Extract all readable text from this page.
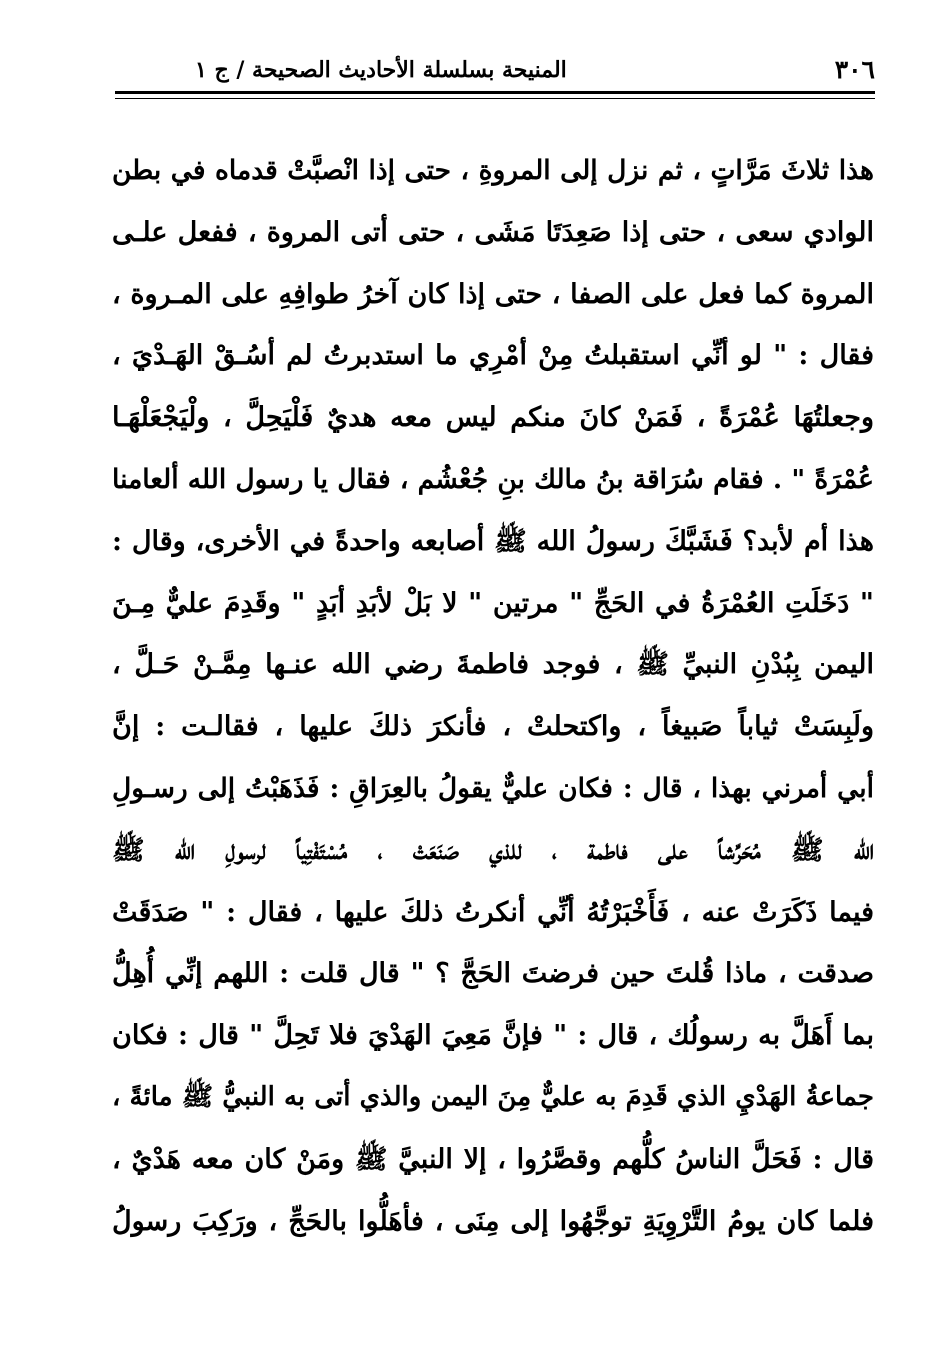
٣٠٦
المنيحة بسلسلة الأحاديث الصحيحة / ج ١
هذا ثلاثَ مَرَّاتٍ ، ثم نزل إلى المروةِ ، حتى إذا انْصبَّتْ قدماه في بطن
الوادي سعى ، حتى إذا صَعِدَتَا مَشَى ، حتى أتى المروة ، ففعل علـى
المروة كما فعل على الصفا ، حتى إذا كان آخرُ طوافِهِ على المـروة ،
فقال : " لو أنِّي استقبلتُ مِنْ أمْرِي ما استدبرتُ لم أسُـقْ الهَـدْيَ ،
وجعلتُهَا عُمْرَةً ، فَمَنْ كانَ منكم ليس معه هديٌ فَلْيَحِلَّ ، ولْيَجْعَلْهَـا
عُمْرَةً " . فقام سُرَاقة بنُ مالك بنِ جُعْشُم ، فقال يا رسول الله ألعامنا
هذا أم لأبد؟ فَشَبَّكَ رسولُ الله ﷺ أصابعه واحدةً في الأخرى، وقال :
" دَخَلَتِ العُمْرَةُ في الحَجِّ " مرتين " لا بَلْ لأبَدِ أبَدٍ " وقَدِمَ عليٌّ مِـنَ
اليمن بِبُدْنِ النبيِّ ﷺ ، فوجد فاطمةَ رضي الله عنـها مِمَّـنْ حَـلَّ ،
ولَبِسَتْ ثياباً صَبيغاً ، واكتحلتْ ، فأنكرَ ذلكَ عليها ، فقالـت : إنَّ
أبي أمرني بهذا ، قال : فكان عليٌّ يقولُ بالعِرَاقِ : فَذَهَبْتُ إلى رسـولِ
الله ﷺ مُحَرِّشاً على فاطمة ، للذي صَنَعَتْ ، مُسْتَفْتِياً لرسولِ الله ﷺ
فيما ذَكَرَتْ عنه ، فَأَخْبَرْتُهُ أنِّي أنكرتُ ذلكَ عليها ، فقال : " صَدَقَتْ
صدقت ، ماذا قُلتَ حين فرضتَ الحَجَّ ؟ " قال قلت : اللهم إنِّي أُهِلُّ
بما أَهَلَّ به رسولُك ، قال : " فإنَّ مَعِيَ الهَدْيَ فلا تَحِلَّ " قال : فكان
جماعةُ الهَدْيِ الذي قَدِمَ به عليٌّ مِنَ اليمن والذي أتى به النبيُّ ﷺ مائةً ،
قال : فَحَلَّ الناسُ كلُّهم وقصَّرُوا ، إلا النبيَّ ﷺ ومَنْ كان معه هَدْيٌ ،
فلما كان يومُ التَّرْوِيَةِ توجَّهُوا إلى مِنَى ، فأهَلُّوا بالحَجِّ ، ورَكِبَ رسولُ
